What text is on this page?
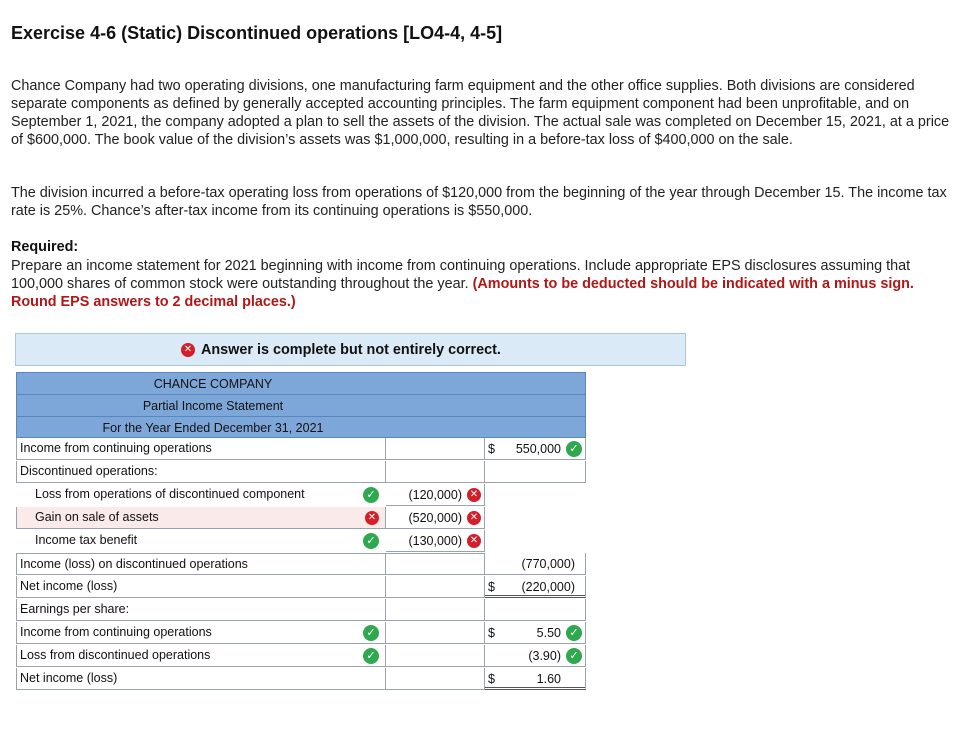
Exercise 4-6 (Static) Discontinued operations [LO4-4, 4-5]
Chance Company had two operating divisions, one manufacturing farm equipment and the other office supplies. Both divisions are considered separate components as defined by generally accepted accounting principles. The farm equipment component had been unprofitable, and on September 1, 2021, the company adopted a plan to sell the assets of the division. The actual sale was completed on December 15, 2021, at a price of $600,000. The book value of the division’s assets was $1,000,000, resulting in a before-tax loss of $400,000 on the sale.
The division incurred a before-tax operating loss from operations of $120,000 from the beginning of the year through December 15. The income tax rate is 25%. Chance’s after-tax income from its continuing operations is $550,000.
Required:
Prepare an income statement for 2021 beginning with income from continuing operations. Include appropriate EPS disclosures assuming that 100,000 shares of common stock were outstanding throughout the year. (Amounts to be deducted should be indicated with a minus sign. Round EPS answers to 2 decimal places.)
✕ Answer is complete but not entirely correct.
CHANCE COMPANY
Partial Income Statement
For the Year Ended December 31, 2021
Income from continuing operations	$ 550,000 ✓
Discontinued operations:
Loss from operations of discontinued component	✓	(120,000) ✕
Gain on sale of assets	✕	(520,000) ✕
Income tax benefit	✓	(130,000) ✕
Income (loss) on discontinued operations	(770,000)
Net income (loss)	$ (220,000)
Earnings per share:
Income from continuing operations	✓	$	5.50 ✓
Loss from discontinued operations	✓	(3.90) ✓
Net income (loss)	$	1.60
